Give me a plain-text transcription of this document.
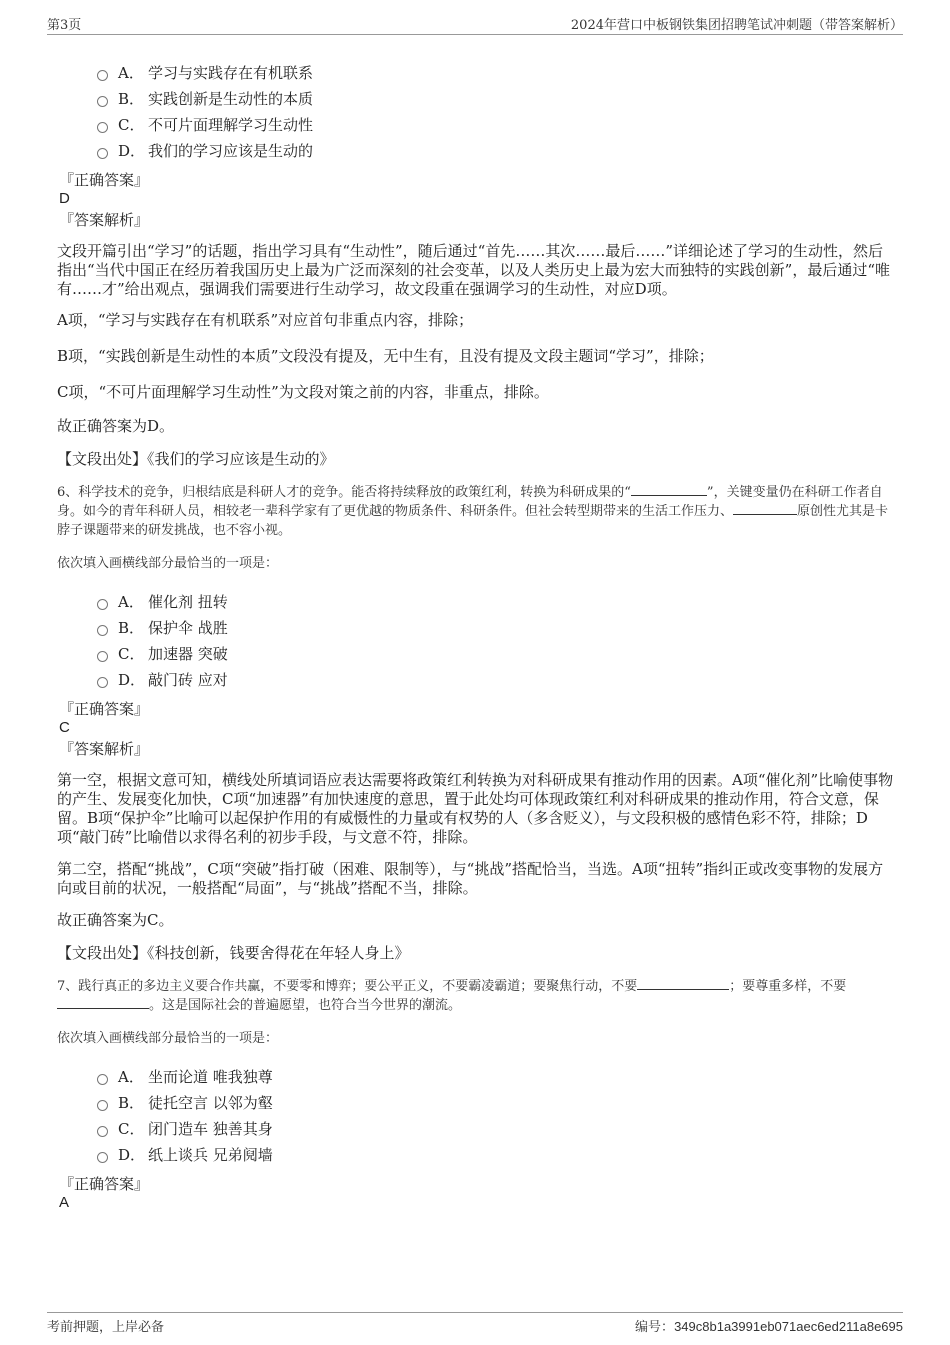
第3页	2024年营口中板钢铁集团招聘笔试冲刺题（带答案解析）
A． 学习与实践存在有机联系
B． 实践创新是生动性的本质
C． 不可片面理解学习生动性
D． 我们的学习应该是生动的
『正确答案』
D
『答案解析』

文段开篇引出“学习”的话题，指出学习具有“生动性”，随后通过“首先……其次……最后……”详细论述了学习的生动性，然后指出“当代中国正在经历着我国历史上最为广泛而深刻的社会变革，以及人类历史上最为宏大而独特的实践创新”，最后通过“唯有……才”给出观点，强调我们需要进行生动学习，故文段重在强调学习的生动性，对应D项。

A项，“学习与实践存在有机联系”对应首句非重点内容，排除；

B项，“实践创新是生动性的本质”文段没有提及，无中生有，且没有提及文段主题词“学习”，排除；

C项，“不可片面理解学习生动性”为文段对策之前的内容，非重点，排除。

故正确答案为D。

【文段出处】《我们的学习应该是生动的》

6、科学技术的竞争，归根结底是科研人才的竞争。能否将持续释放的政策红利，转换为科研成果的“	”，关键变量仍在科研工作者自身。如今的青年科研人员，相较老一辈科学家有了更优越的物质条件、科研条件。但社会转型期带来的生活工作压力、	原创性尤其是卡脖子课题带来的研发挑战，也不容小视。

依次填入画横线部分最恰当的一项是：

A． 催化剂 扭转
B． 保护伞 战胜
C． 加速器 突破
D． 敲门砖 应对
『正确答案』
C
『答案解析』

第一空，根据文意可知，横线处所填词语应表达需要将政策红利转换为对科研成果有推动作用的因素。A项“催化剂”比喻使事物的产生、发展变化加快，C项“加速器”有加快速度的意思，置于此处均可体现政策红利对科研成果的推动作用，符合文意，保留。B项“保护伞”比喻可以起保护作用的有威慑性的力量或有权势的人（多含贬义），与文段积极的感情色彩不符，排除；D项“敲门砖”比喻借以求得名利的初步手段，与文意不符，排除。

第二空，搭配“挑战”，C项“突破”指打破（困难、限制等），与“挑战”搭配恰当，当选。A项“扭转”指纠正或改变事物的发展方向或目前的状况，一般搭配“局面”，与“挑战”搭配不当，排除。

故正确答案为C。

【文段出处】《科技创新，钱要舍得花在年轻人身上》

7、践行真正的多边主义要合作共赢，不要零和博弈；要公平正义，不要霸凌霸道；要聚焦行动，不要	；要尊重多样，不要 。这是国际社会的普遍愿望，也符合当今世界的潮流。

依次填入画横线部分最恰当的一项是：

A． 坐而论道 唯我独尊
B． 徒托空言 以邻为壑
C． 闭门造车 独善其身
D． 纸上谈兵 兄弟阋墙
『正确答案』
A
考前押题，上岸必备	编号：349c8b1a3991eb071aec6ed211a8e695
